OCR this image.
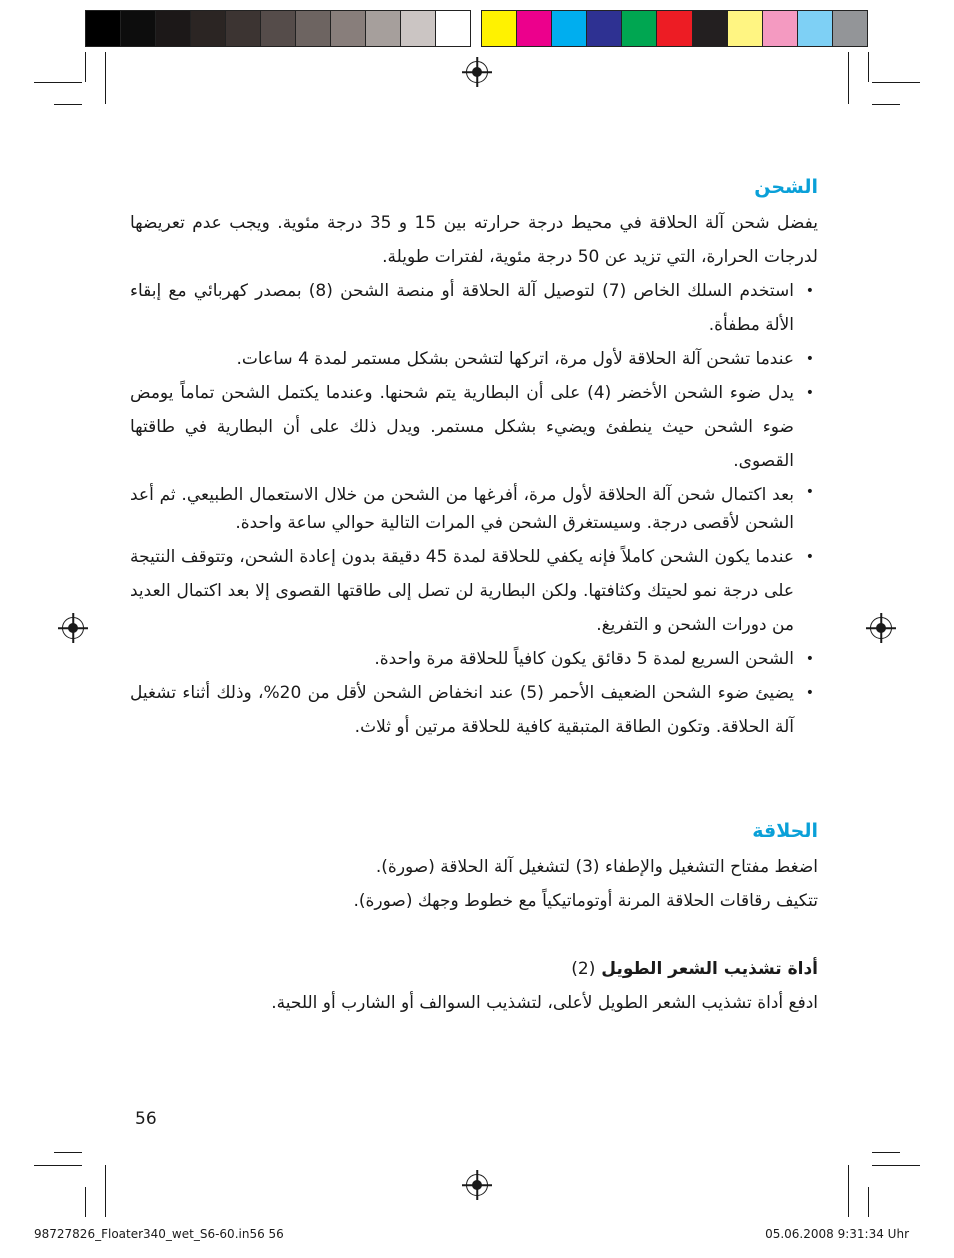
الشحن

يفضل شحن آلة الحلاقة في محيط درجة حرارته بين 15 و 35 درجة مئوية. ويجب عدم تعريضها لدرجات الحرارة، التي تزيد عن 50 درجة مئوية، لفترات طويلة.

• استخدم السلك الخاص (7) لتوصيل آلة الحلاقة أو منصة الشحن (8) بمصدر كهربائي مع إبقاء الألة مطفأة.
• عندما تشحن آلة الحلاقة لأول مرة، اتركها لتشحن بشكل مستمر لمدة 4 ساعات.
• يدل ضوء الشحن الأخضر (4) على أن البطارية يتم شحنها. وعندما يكتمل الشحن تماماً يومض ضوء الشحن حيث ينطفئ ويضيء بشكل مستمر. ويدل ذلك على أن البطارية في طاقتها القصوى.
• بعد اكتمال شحن آلة الحلاقة لأول مرة، أفرغها من الشحن من خلال الاستعمال الطبيعي. ثم أعد الشحن لأقصى درجة. وسيستغرق الشحن في المرات التالية حوالي ساعة واحدة.
• عندما يكون الشحن كاملاً فإنه يكفي للحلاقة لمدة 45 دقيقة بدون إعادة الشحن، وتتوقف النتيجة على درجة نمو لحيتك وكثافتها. ولكن البطارية لن تصل إلى طاقتها القصوى إلا بعد اكتمال العديد من دورات الشحن و التفريغ.
• الشحن السريع لمدة 5 دقائق يكون كافياً للحلاقة مرة واحدة.
• يضيئ ضوء الشحن الضعيف الأحمر (5) عند انخفاض الشحن لأقل من 20%، وذلك أثناء تشغيل آلة الحلاقة. وتكون الطاقة المتبقية كافية للحلاقة مرتين أو ثلاث.
الحلاقة

اضغط مفتاح التشغيل والإطفاء (3) لتشغيل آلة الحلاقة (صورة).

تتكيف رقاقات الحلاقة المرنة أوتوماتيكياً مع خطوط وجهك (صورة).

أداة تشذيب الشعر الطويل (2)

ادفع أداة تشذيب الشعر الطويل لأعلى، لتشذيب السوالف أو الشارب أو اللحية.

56
98727826_Floater340_wet_S6-60.in56 56	05.06.2008 9:31:34 Uhr
